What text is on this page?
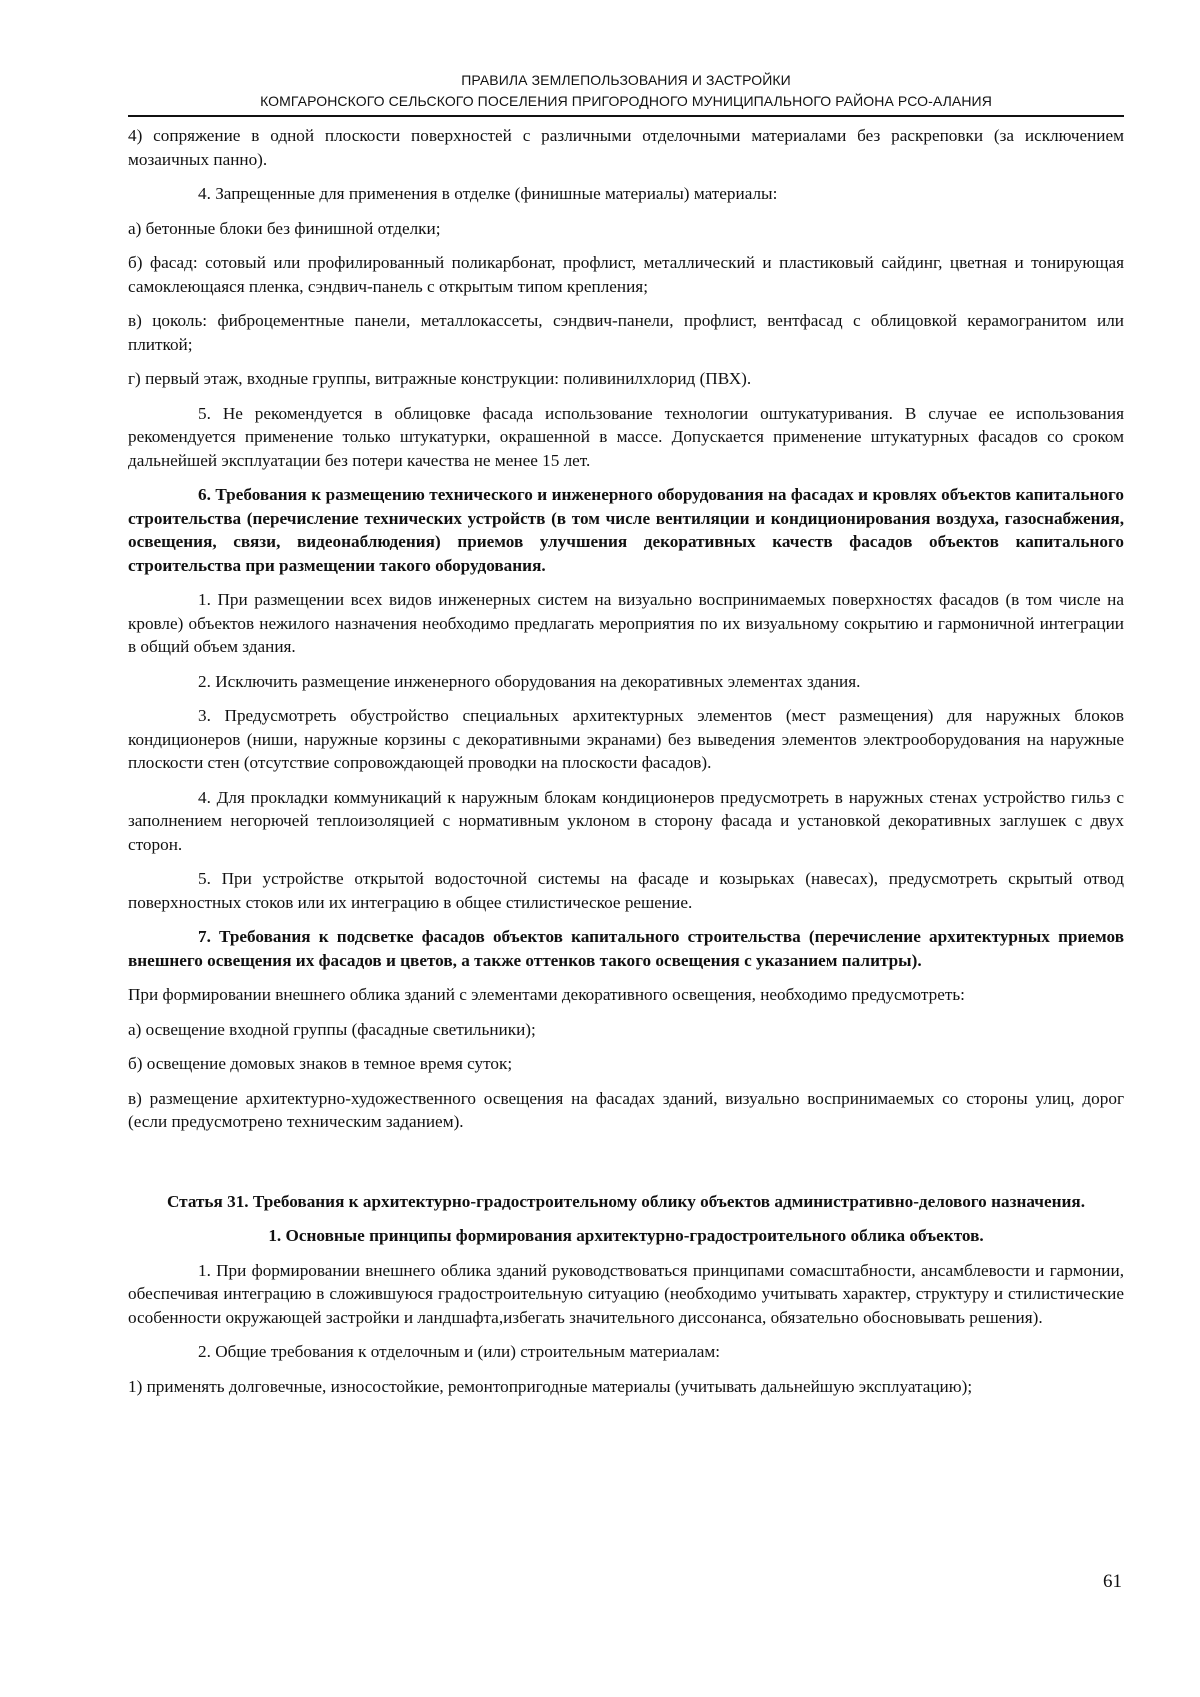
ПРАВИЛА ЗЕМЛЕПОЛЬЗОВАНИЯ И ЗАСТРОЙКИ
КОМГАРОНСКОГО СЕЛЬСКОГО ПОСЕЛЕНИЯ ПРИГОРОДНОГО МУНИЦИПАЛЬНОГО РАЙОНА РСО-АЛАНИЯ

4) сопряжение в одной плоскости поверхностей с различными отделочными материалами без раскреповки (за исключением мозаичных панно).

4. Запрещенные для применения в отделке (финишные материалы) материалы:

а) бетонные блоки без финишной отделки;

б) фасад: сотовый или профилированный поликарбонат, профлист, металлический и пластиковый сайдинг, цветная и тонирующая самоклеющаяся пленка, сэндвич-панель с открытым типом крепления;

в) цоколь: фиброцементные панели, металлокассеты, сэндвич-панели, профлист, вентфасад с облицовкой керамогранитом или плиткой;

г) первый этаж, входные группы, витражные конструкции: поливинилхлорид (ПВХ).

5. Не рекомендуется в облицовке фасада использование технологии оштукатуривания. В случае ее использования рекомендуется применение только штукатурки, окрашенной в массе. Допускается применение штукатурных фасадов со сроком дальнейшей эксплуатации без потери качества не менее 15 лет.

6. Требования к размещению технического и инженерного оборудования на фасадах и кровлях объектов капитального строительства (перечисление технических устройств (в том числе вентиляции и кондиционирования воздуха, газоснабжения, освещения, связи, видеонаблюдения) приемов улучшения декоративных качеств фасадов объектов капитального строительства при размещении такого оборудования.

1. При размещении всех видов инженерных систем на визуально воспринимаемых поверхностях фасадов (в том числе на кровле) объектов нежилого назначения необходимо предлагать мероприятия по их визуальному сокрытию и гармоничной интеграции в общий объем здания.

2. Исключить размещение инженерного оборудования на декоративных элементах здания.

3. Предусмотреть обустройство специальных архитектурных элементов (мест размещения) для наружных блоков кондиционеров (ниши, наружные корзины с декоративными экранами) без выведения элементов электрооборудования на наружные плоскости стен (отсутствие сопровождающей проводки на плоскости фасадов).

4. Для прокладки коммуникаций к наружным блокам кондиционеров предусмотреть в наружных стенах устройство гильз с заполнением негорючей теплоизоляцией с нормативным уклоном в сторону фасада и установкой декоративных заглушек с двух сторон.

5. При устройстве открытой водосточной системы на фасаде и козырьках (навесах), предусмотреть скрытый отвод поверхностных стоков или их интеграцию в общее стилистическое решение.

7. Требования к подсветке фасадов объектов капитального строительства (перечисление архитектурных приемов внешнего освещения их фасадов и цветов, а также оттенков такого освещения с указанием палитры).

При формировании внешнего облика зданий с элементами декоративного освещения, необходимо предусмотреть:

а) освещение входной группы (фасадные светильники);

б) освещение домовых знаков в темное время суток;

в) размещение архитектурно-художественного освещения на фасадах зданий, визуально воспринимаемых со стороны улиц, дорог (если предусмотрено техническим заданием).

Статья 31. Требования к архитектурно-градостроительному облику объектов административно-делового назначения.

1. Основные принципы формирования архитектурно-градостроительного облика объектов.

1. При формировании внешнего облика зданий руководствоваться принципами сомасштабности, ансамблевости и гармонии, обеспечивая интеграцию в сложившуюся градостроительную ситуацию (необходимо учитывать характер, структуру и стилистические особенности окружающей застройки и ландшафта,избегать значительного диссонанса, обязательно обосновывать решения).

2. Общие требования к отделочным и (или) строительным материалам:

1) применять долговечные, износостойкие, ремонтопригодные материалы (учитывать дальнейшую эксплуатацию);

61
